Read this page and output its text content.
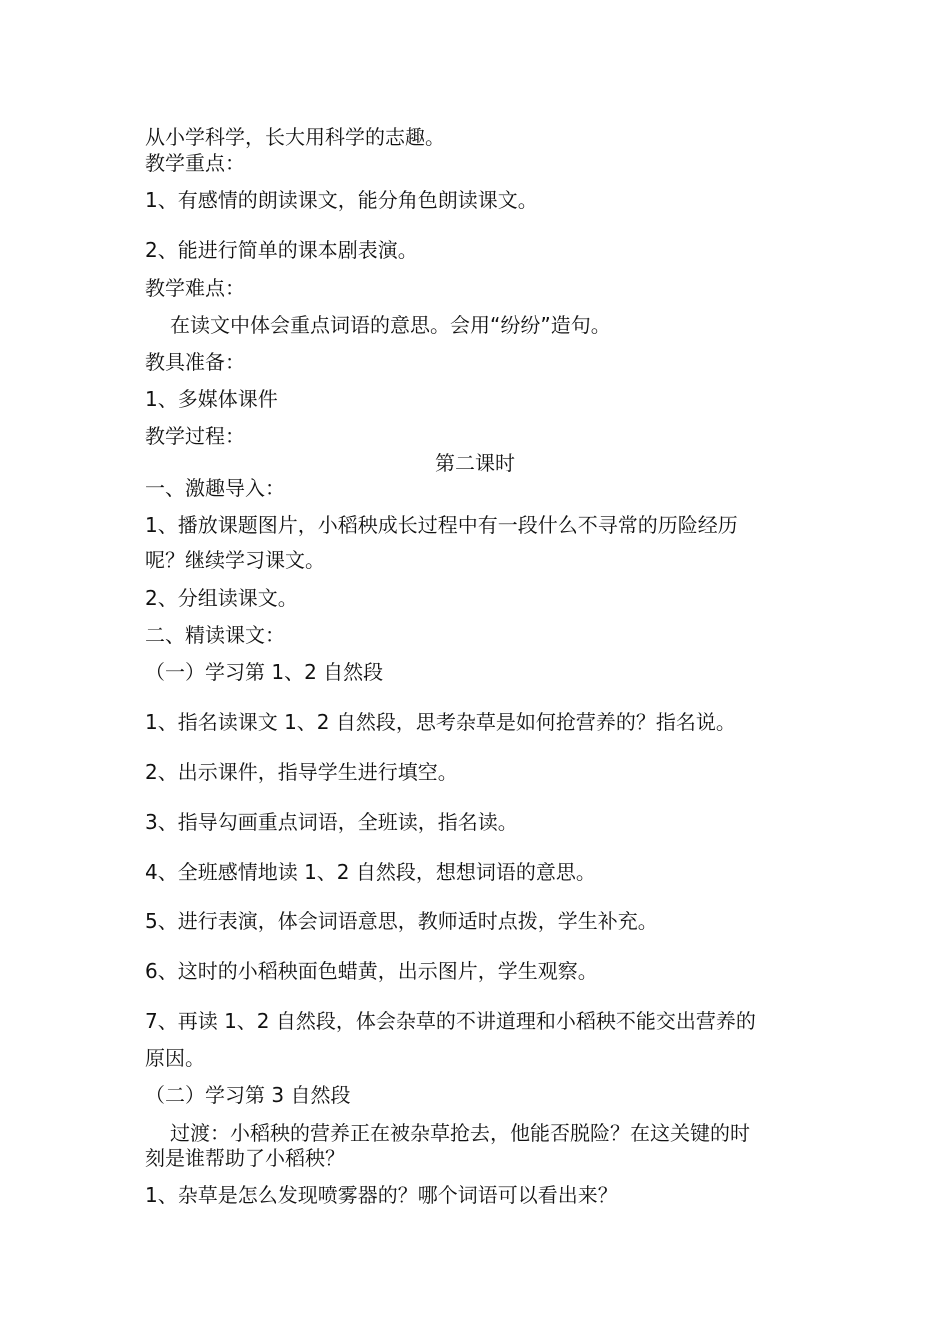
从小学科学，长大用科学的志趣。

教学重点：

1、有感情的朗读课文，能分角色朗读课文。

2、能进行简单的课本剧表演。

教学难点：

在读文中体会重点词语的意思。会用“纷纷”造句。

教具准备：

1、多媒体课件

教学过程：

第二课时

一、激趣导入：

1、播放课题图片，小稻秧成长过程中有一段什么不寻常的历险经历

呢？继续学习课文。

2、分组读课文。

二、精读课文：

（一）学习第 1、2 自然段

1、指名读课文 1、2 自然段，思考杂草是如何抢营养的？指名说。

2、出示课件，指导学生进行填空。

3、指导勾画重点词语，全班读，指名读。

4、全班感情地读 1、2 自然段，想想词语的意思。

5、进行表演，体会词语意思，教师适时点拨，学生补充。

6、这时的小稻秧面色蜡黄，出示图片，学生观察。

7、再读 1、2 自然段，体会杂草的不讲道理和小稻秧不能交出营养的

原因。

（二）学习第 3 自然段

过渡：小稻秧的营养正在被杂草抢去，他能否脱险？在这关键的时

刻是谁帮助了小稻秧？

1、杂草是怎么发现喷雾器的？哪个词语可以看出来？
